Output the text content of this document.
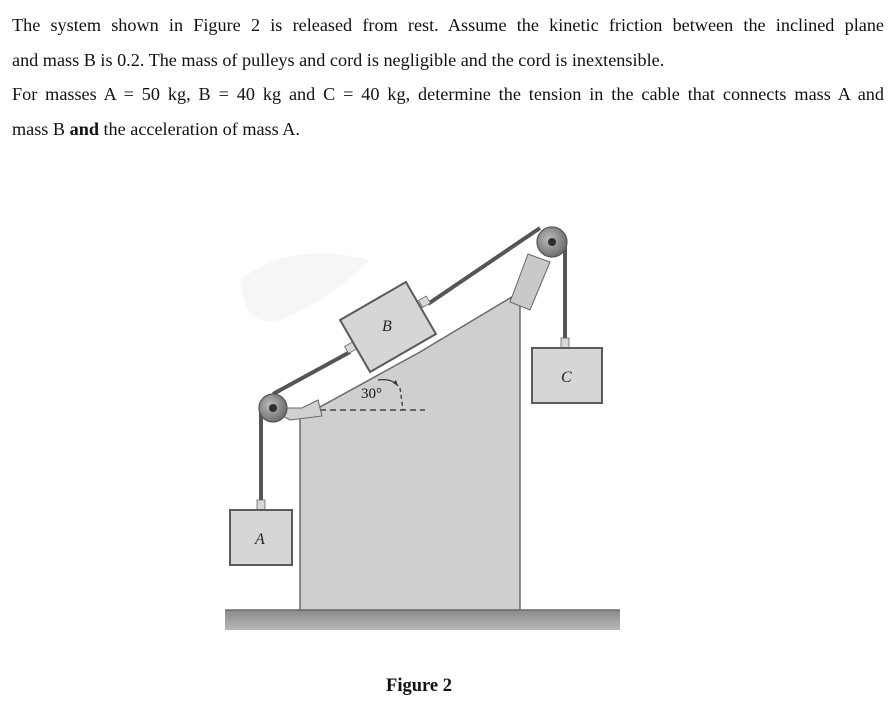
The system shown in Figure 2 is released from rest. Assume the kinetic friction between the inclined plane

and mass B is 0.2. The mass of pulleys and cord is negligible and the cord is inextensible.

For masses A = 50 kg, B = 40 kg and C = 40 kg, determine the tension in the cable that connects mass A and

mass B and the acceleration of mass A.

B
30°
A
C
Figure 2
